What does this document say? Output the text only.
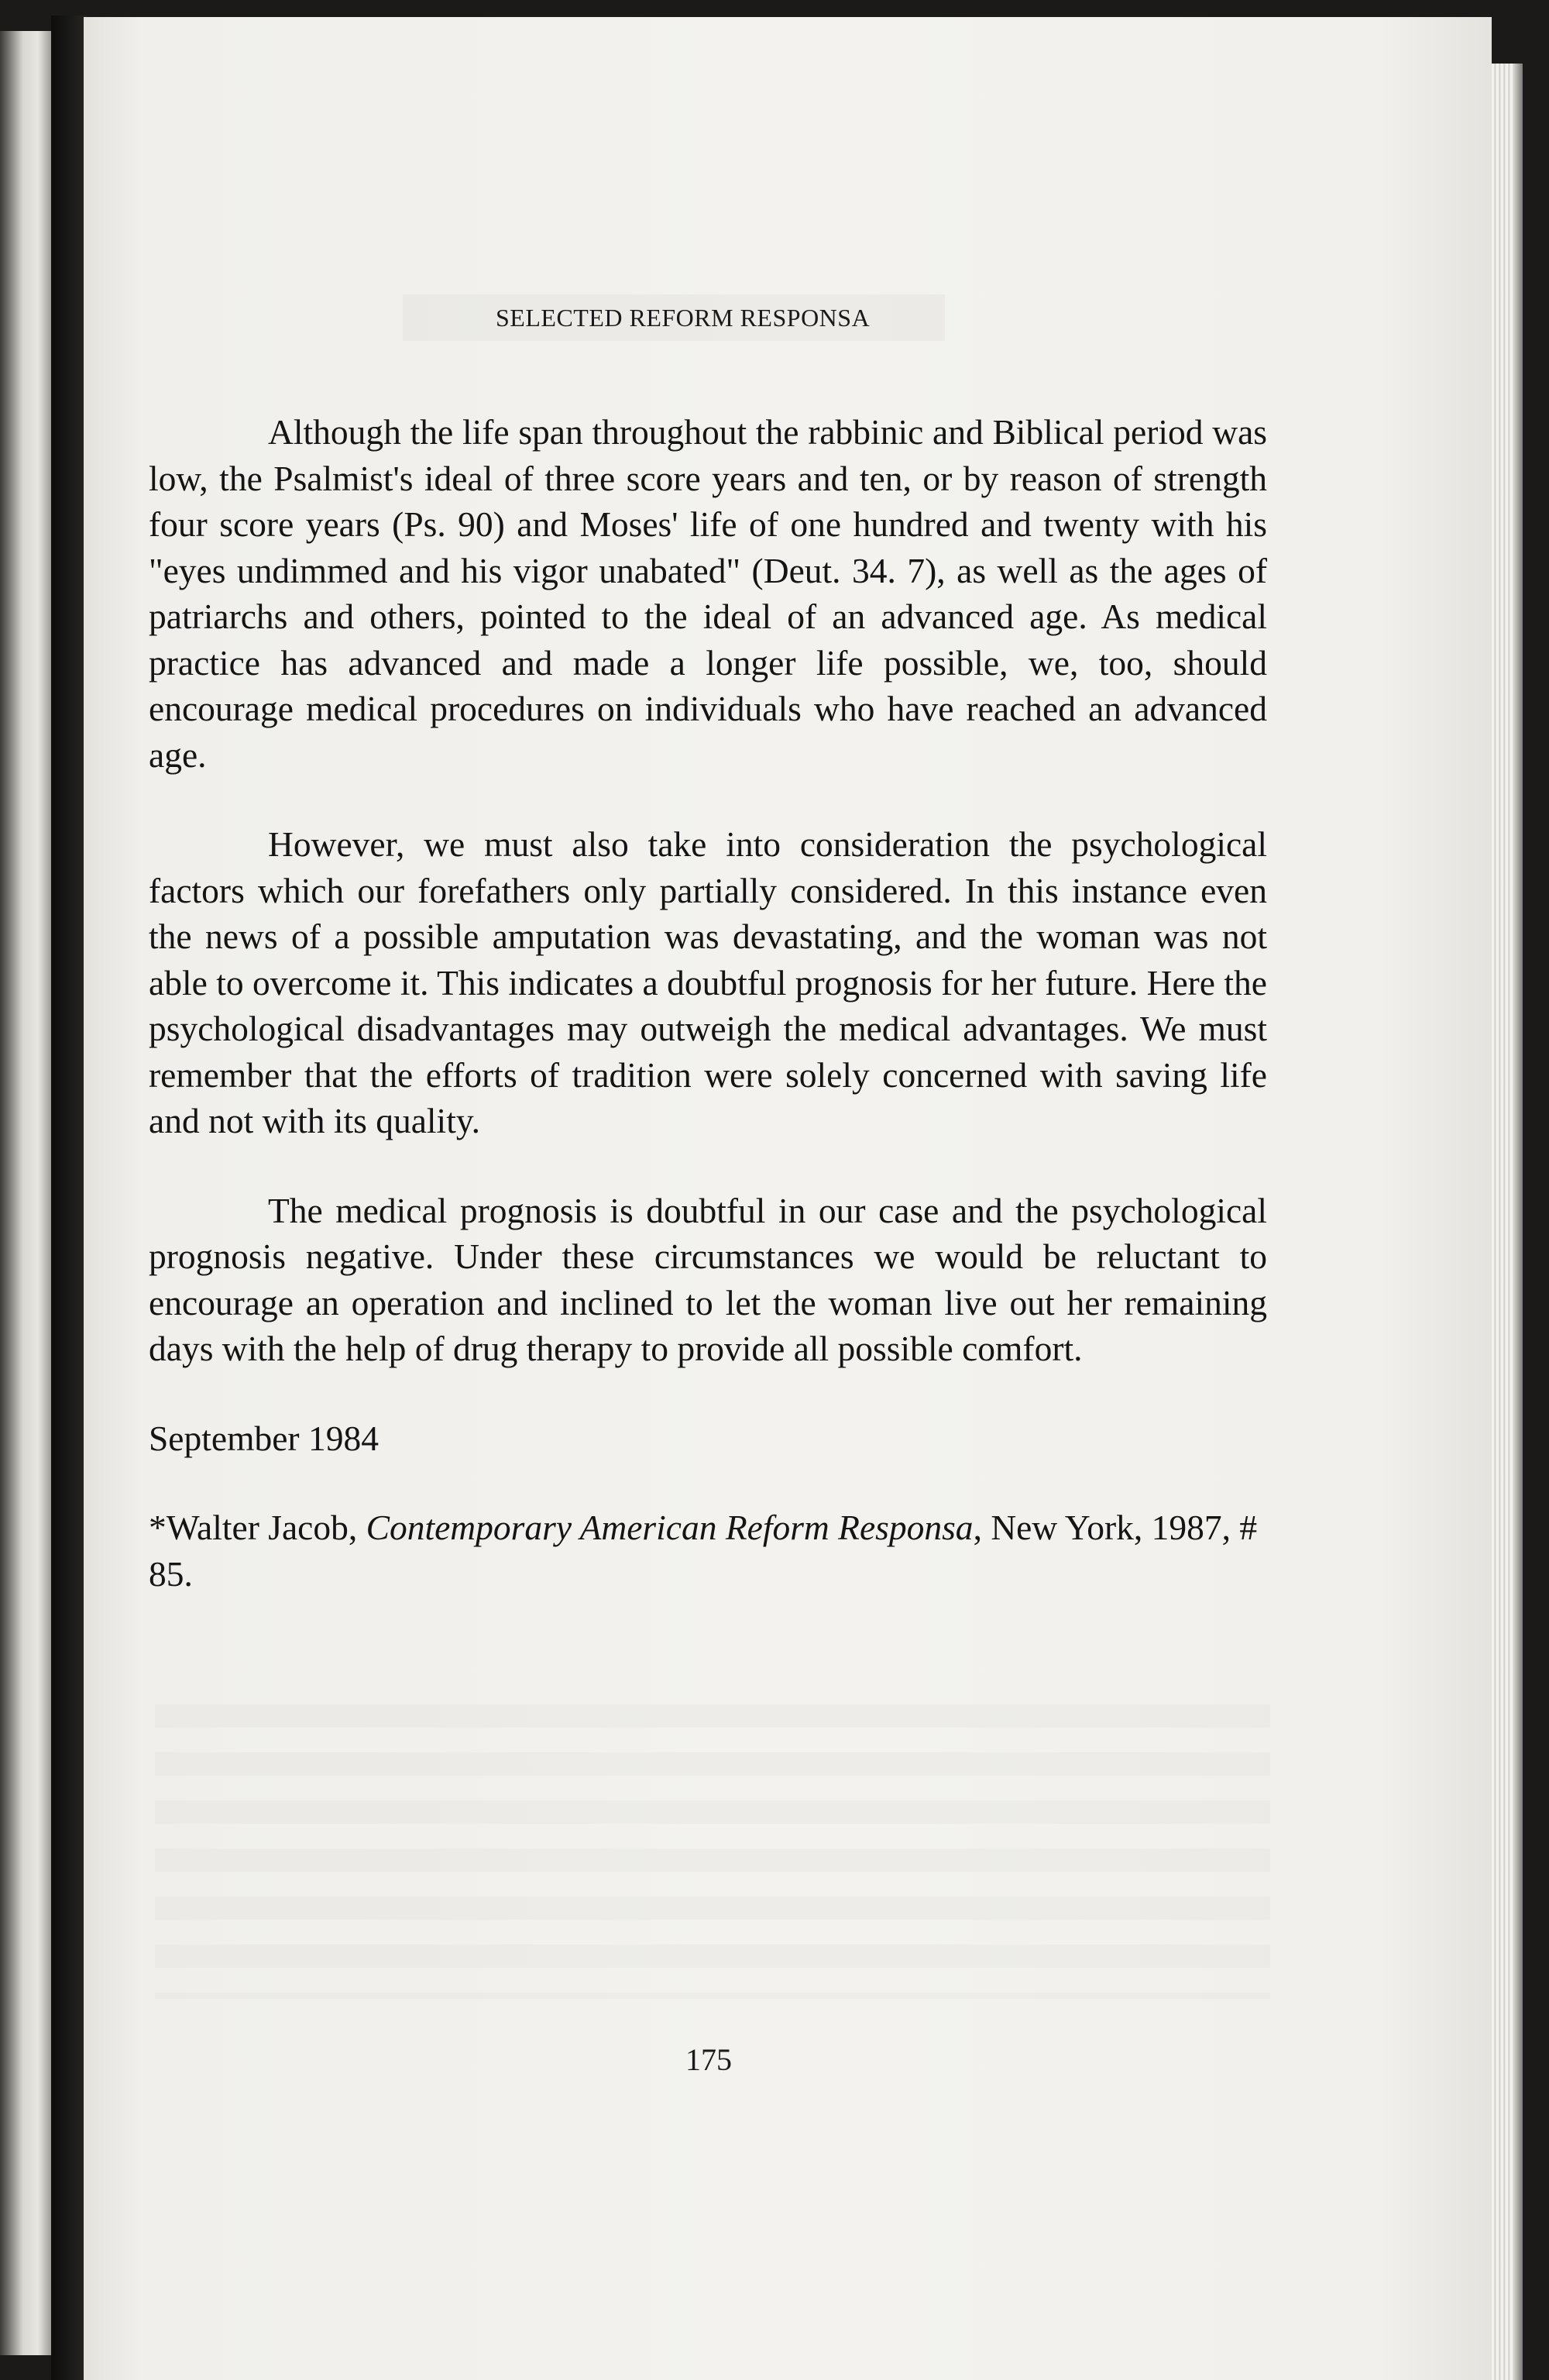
SELECTED REFORM RESPONSA

Although the life span throughout the rabbinic and Biblical period was low, the Psalmist's ideal of three score years and ten, or by reason of strength four score years (Ps. 90) and Moses' life of one hundred and twenty with his "eyes undimmed and his vigor unabated" (Deut. 34. 7), as well as the ages of patriarchs and others, pointed to the ideal of an advanced age. As medical practice has advanced and made a longer life possible, we, too, should encourage medical procedures on individuals who have reached an advanced age.

However, we must also take into consideration the psychological factors which our forefathers only partially considered. In this instance even the news of a possible amputation was devastating, and the woman was not able to overcome it. This indicates a doubtful prognosis for her future. Here the psychological disadvantages may outweigh the medical advantages. We must remember that the efforts of tradition were solely concerned with saving life and not with its quality.

The medical prognosis is doubtful in our case and the psychological prognosis negative. Under these circumstances we would be reluctant to encourage an operation and inclined to let the woman live out her remaining days with the help of drug therapy to provide all possible comfort.

September 1984

*Walter Jacob, Contemporary American Reform Responsa, New York, 1987, # 85.

175
